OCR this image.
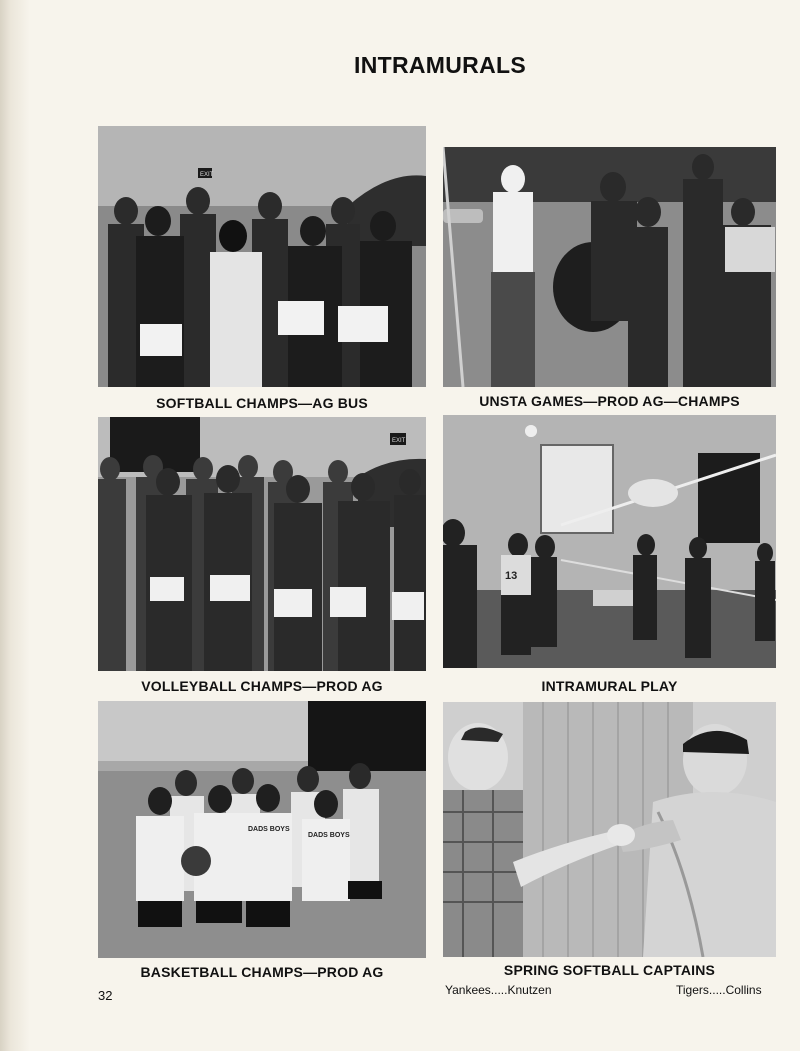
INTRAMURALS
EXIT
SOFTBALL CHAMPS—AG BUS	UNSTA GAMES—PROD AG—CHAMPS
EXIT
VOLLEYBALL CHAMPS—PROD AG
13
INTRAMURAL PLAY
DADS BOYS
DADS BOYS
BASKETBALL CHAMPS—PROD AG	SPRING SOFTBALL CAPTAINS
Yankees.....Knutzen	Tigers.....Collins
32
